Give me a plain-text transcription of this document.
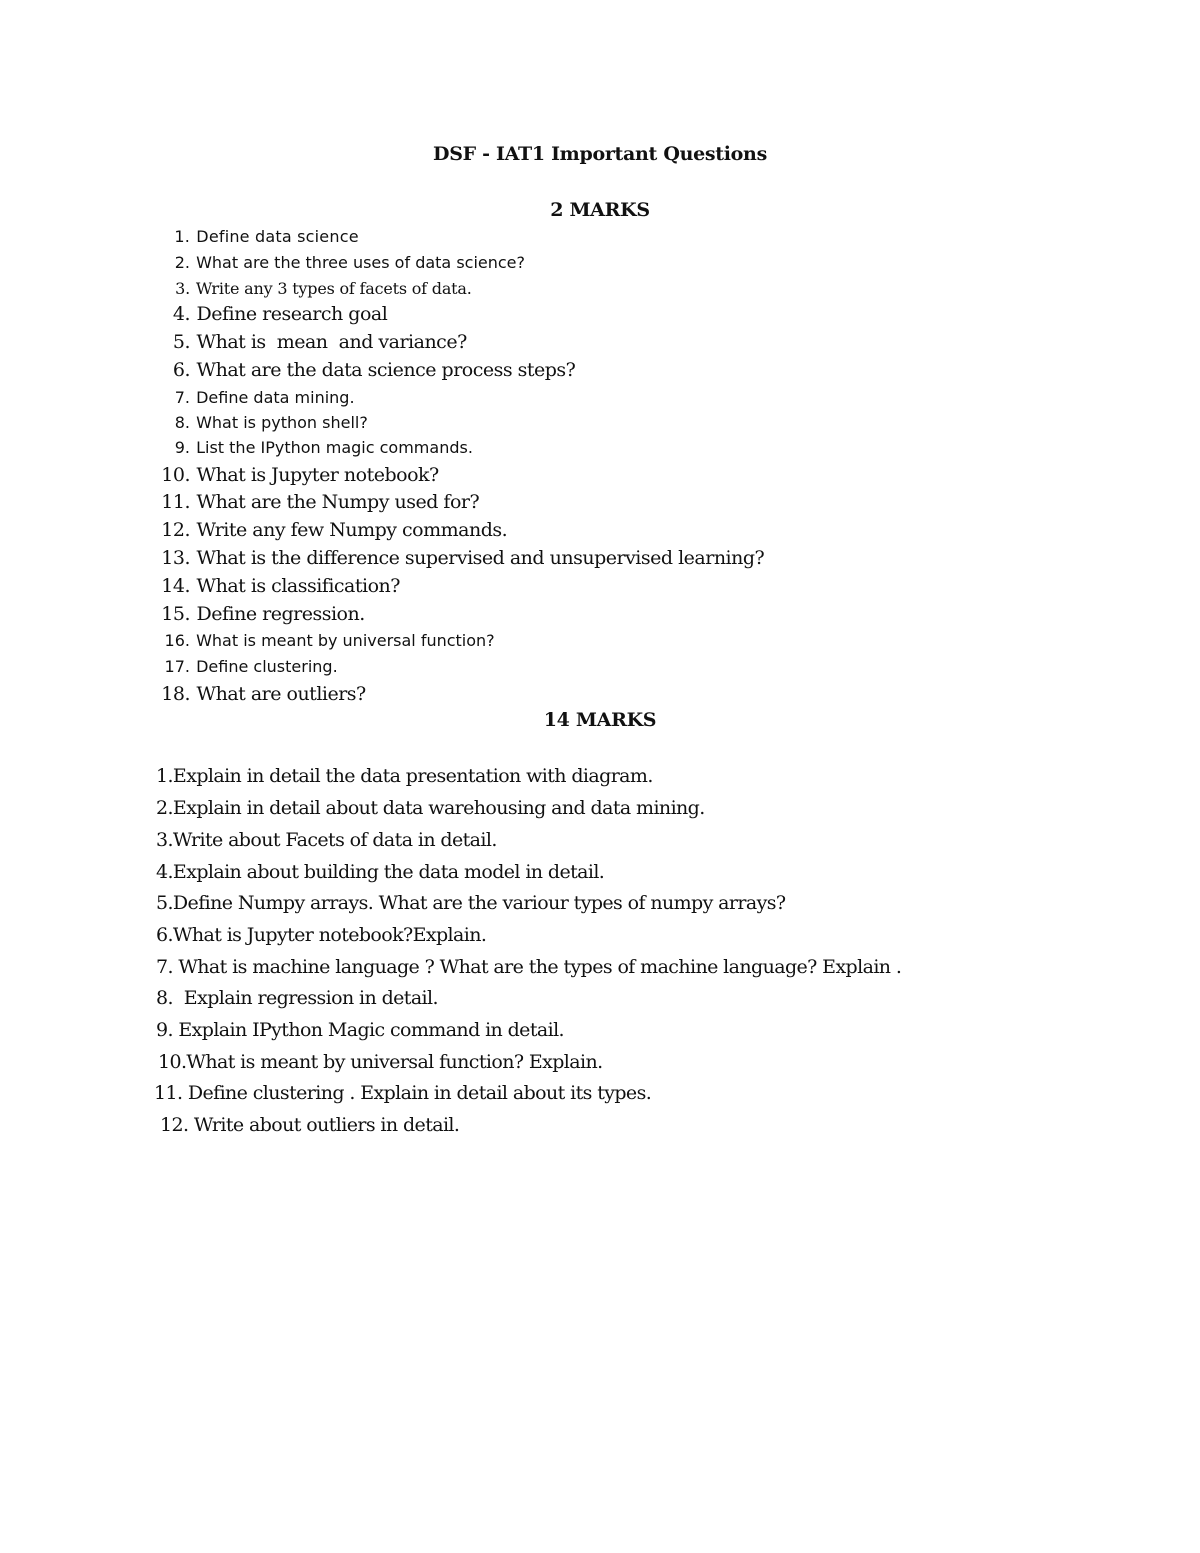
DSF - IAT1 Important Questions
2 MARKS
1. Define data science
2. What are the three uses of data science?
3. Write any 3 types of facets of data.
4. Define research goal
5. What is  mean  and variance?
6. What are the data science process steps?
7. Define data mining.
8. What is python shell?
9. List the IPython magic commands.
10. What is Jupyter notebook?
11. What are the Numpy used for?
12. Write any few Numpy commands.
13. What is the difference supervised and unsupervised learning?
14. What is classification?
15. Define regression.
16. What is meant by universal function?
17. Define clustering.
18. What are outliers?
14 MARKS
1.Explain in detail the data presentation with diagram.
2.Explain in detail about data warehousing and data mining.
3.Write about Facets of data in detail.
4.Explain about building the data model in detail.
5.Define Numpy arrays. What are the variour types of numpy arrays?
6.What is Jupyter notebook?Explain.
7. What is machine language ? What are the types of machine language? Explain .
8.  Explain regression in detail.
9. Explain IPython Magic command in detail.
10.What is meant by universal function? Explain.
11. Define clustering . Explain in detail about its types.
12. Write about outliers in detail.
